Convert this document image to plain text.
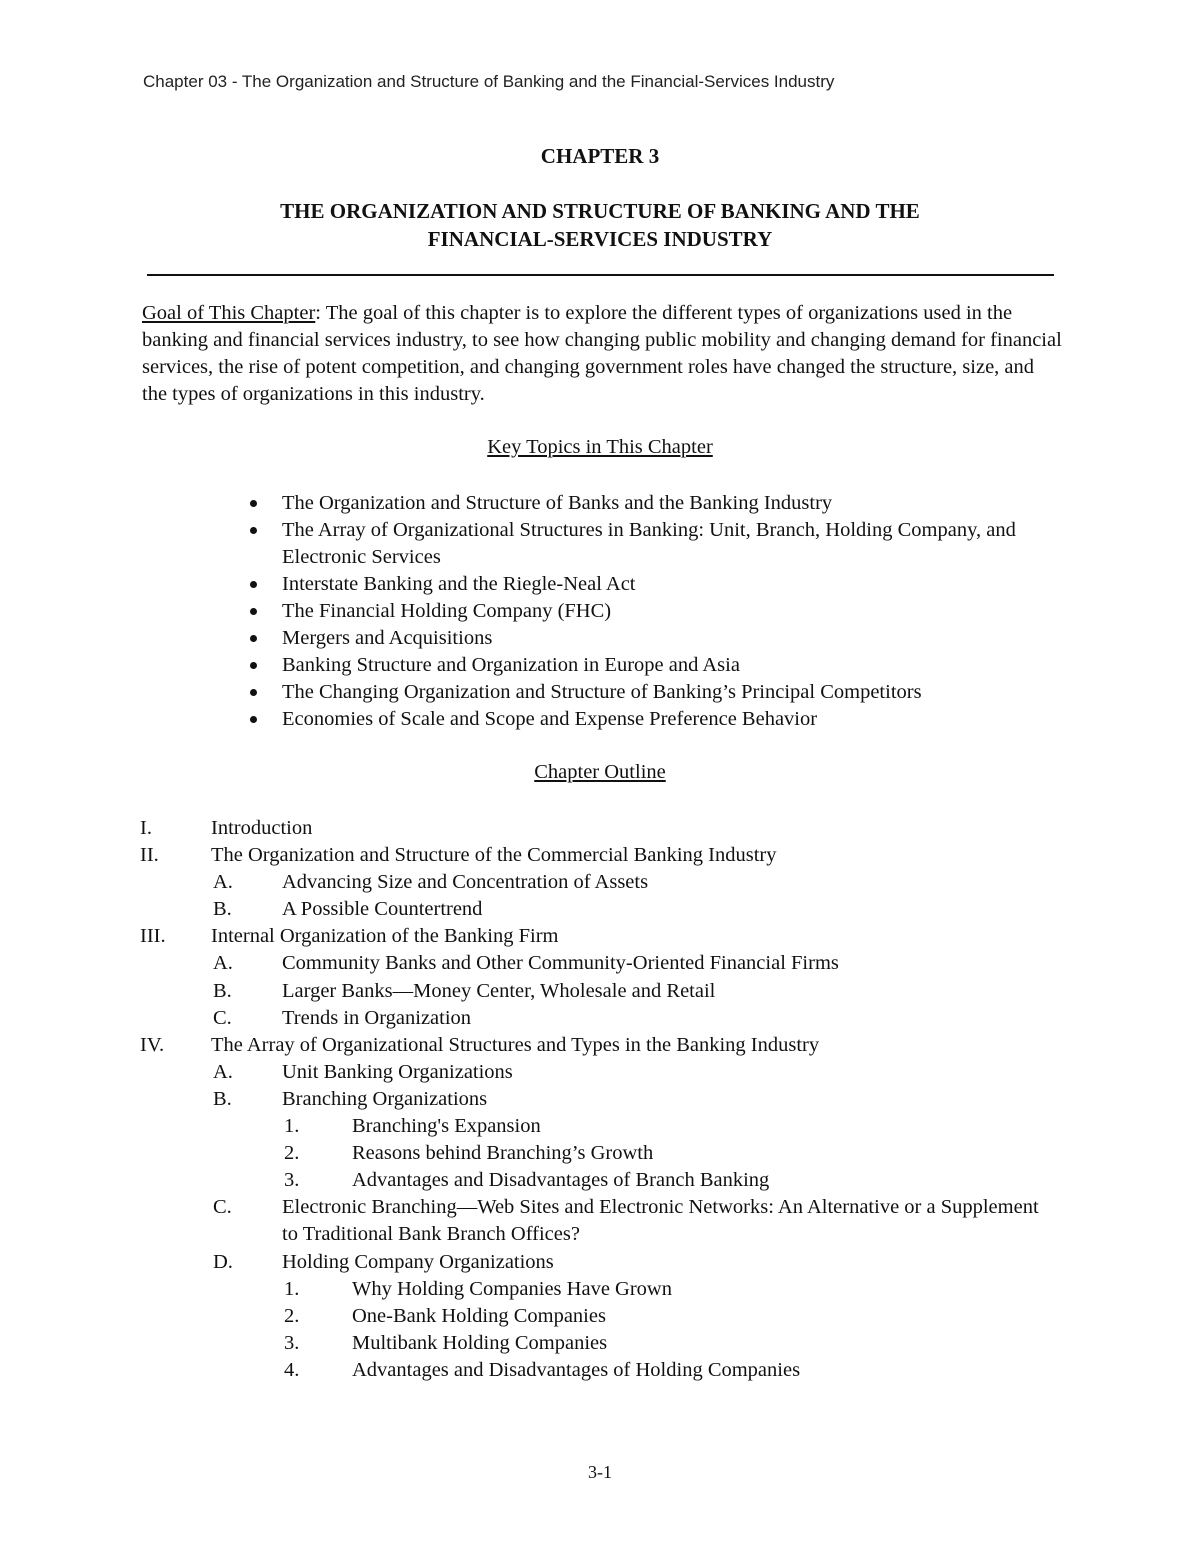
Chapter 03 - The Organization and Structure of Banking and the Financial-Services Industry
CHAPTER 3
THE ORGANIZATION AND STRUCTURE OF BANKING AND THE
FINANCIAL-SERVICES INDUSTRY
Goal of This Chapter: The goal of this chapter is to explore the different types of organizations used in the banking and financial services industry, to see how changing public mobility and changing demand for financial services, the rise of potent competition, and changing government roles have changed the structure, size, and the types of organizations in this industry.
Key Topics in This Chapter
The Organization and Structure of Banks and the Banking Industry
The Array of Organizational Structures in Banking: Unit, Branch, Holding Company, and Electronic Services
Interstate Banking and the Riegle-Neal Act
The Financial Holding Company (FHC)
Mergers and Acquisitions
Banking Structure and Organization in Europe and Asia
The Changing Organization and Structure of Banking’s Principal Competitors
Economies of Scale and Scope and Expense Preference Behavior
Chapter Outline
I.	Introduction
II.	The Organization and Structure of the Commercial Banking Industry
A. Advancing Size and Concentration of Assets
B. A Possible Countertrend
III. Internal Organization of the Banking Firm
A. Community Banks and Other Community-Oriented Financial Firms
B. Larger Banks—Money Center, Wholesale and Retail
C. Trends in Organization
IV. The Array of Organizational Structures and Types in the Banking Industry
A. Unit Banking Organizations
B. Branching Organizations
1.	Branching's Expansion
2.	Reasons behind Branching’s Growth
3.	Advantages and Disadvantages of Branch Banking
C. Electronic Branching—Web Sites and Electronic Networks: An Alternative or a Supplement to Traditional Bank Branch Offices?
D. Holding Company Organizations
1.	Why Holding Companies Have Grown
2.	One-Bank Holding Companies
3.	Multibank Holding Companies
4.	Advantages and Disadvantages of Holding Companies
3-1
